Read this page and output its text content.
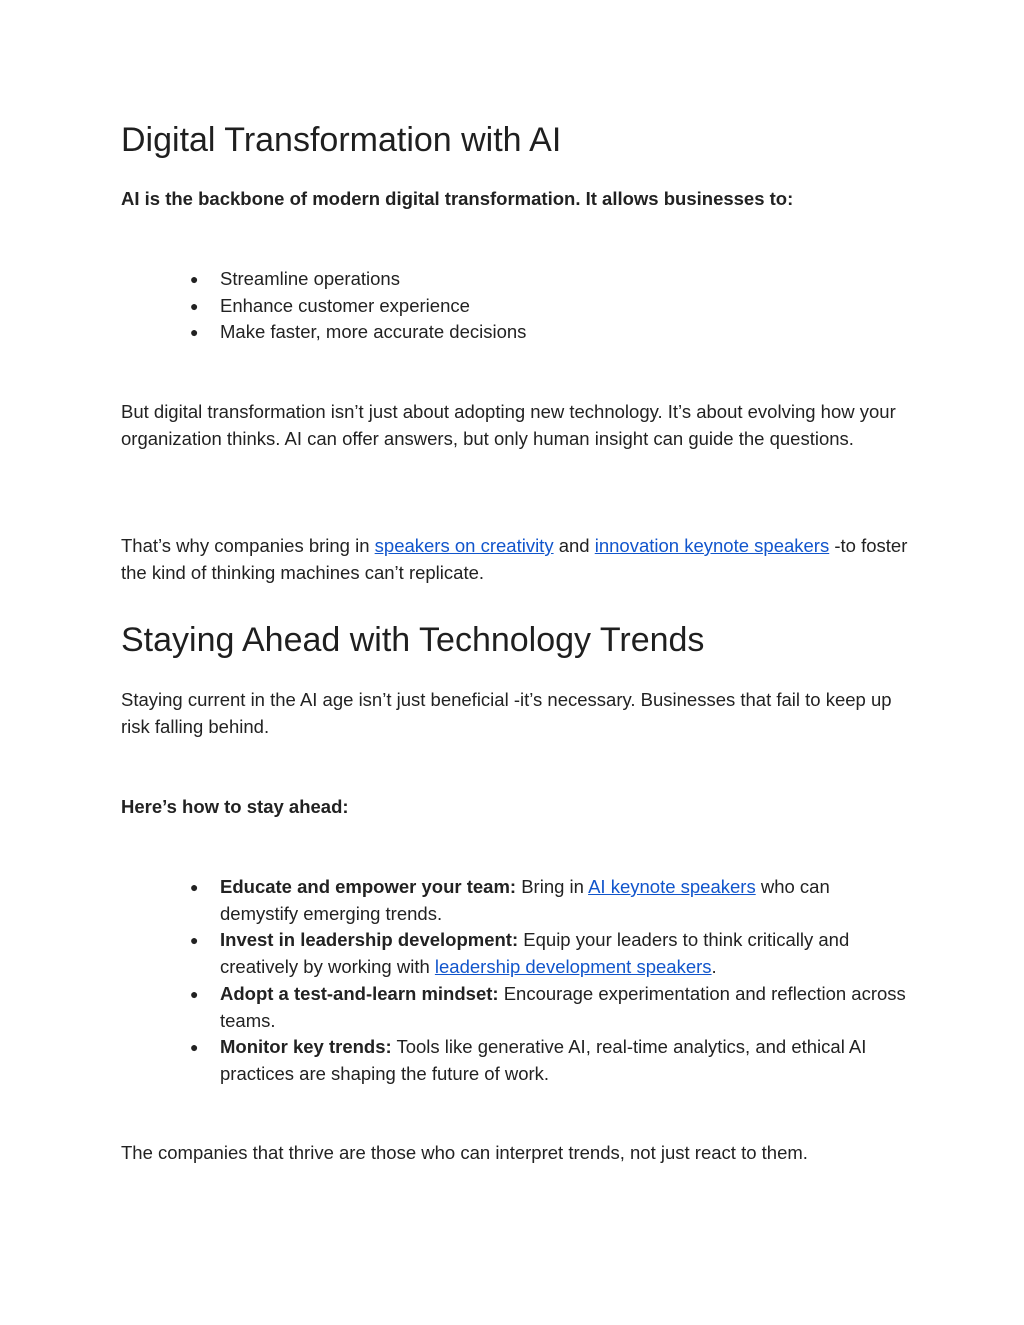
Digital Transformation with AI

AI is the backbone of modern digital transformation. It allows businesses to:

● Streamline operations
● Enhance customer experience
● Make faster, more accurate decisions

But digital transformation isn’t just about adopting new technology. It’s about evolving how your organization thinks. AI can offer answers, but only human insight can guide the questions.

That’s why companies bring in speakers on creativity and innovation keynote speakers -to foster the kind of thinking machines can’t replicate.

Staying Ahead with Technology Trends

Staying current in the AI age isn’t just beneficial -it’s necessary. Businesses that fail to keep up risk falling behind.

Here’s how to stay ahead:

● Educate and empower your team: Bring in AI keynote speakers who can demystify emerging trends.
● Invest in leadership development: Equip your leaders to think critically and creatively by working with leadership development speakers.
● Adopt a test-and-learn mindset: Encourage experimentation and reflection across teams.
● Monitor key trends: Tools like generative AI, real-time analytics, and ethical AI practices are shaping the future of work.

The companies that thrive are those who can interpret trends, not just react to them.
